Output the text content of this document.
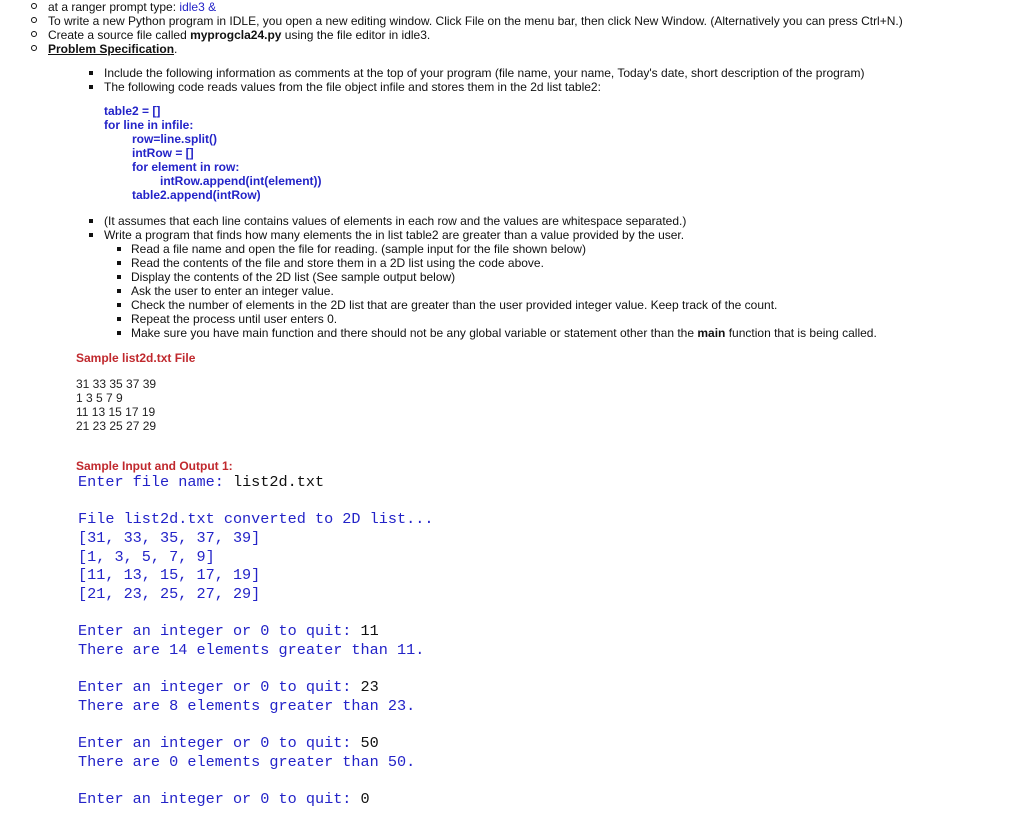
at a ranger prompt type: idle3 &
To write a new Python program in IDLE, you open a new editing window. Click File on the menu bar, then click New Window. (Alternatively you can press Ctrl+N.)
Create a source file called myprogcla24.py using the file editor in idle3.
Problem Specification.
Include the following information as comments at the top of your program (file name, your name, Today's date, short description of the program)
The following code reads values from the file object infile and stores them in the 2d list table2:
table2 = []
for line in infile:
row=line.split()
intRow = []
for element in row:
intRow.append(int(element))
table2.append(intRow)
(It assumes that each line contains values of elements in each row and the values are whitespace separated.)
Write a program that finds how many elements the in list table2 are greater than a value provided by the user.
Read a file name and open the file for reading. (sample input for the file shown below)
Read the contents of the file and store them in a 2D list using the code above.
Display the contents of the 2D list (See sample output below)
Ask the user to enter an integer value.
Check the number of elements in the 2D list that are greater than the user provided integer value. Keep track of the count.
Repeat the process until user enters 0.
Make sure you have main function and there should not be any global variable or statement other than the main function that is being called.
Sample list2d.txt File
31 33 35 37 39
1 3 5 7 9
11 13 15 17 19
21 23 25 27 29
Sample Input and Output 1:
Enter file name: list2d.txt
File list2d.txt converted to 2D list...
[31, 33, 35, 37, 39]
[1, 3, 5, 7, 9]
[11, 13, 15, 17, 19]
[21, 23, 25, 27, 29]
Enter an integer or 0 to quit: 11
There are 14 elements greater than 11.
Enter an integer or 0 to quit: 23
There are 8 elements greater than 23.
Enter an integer or 0 to quit: 50
There are 0 elements greater than 50.
Enter an integer or 0 to quit: 0
